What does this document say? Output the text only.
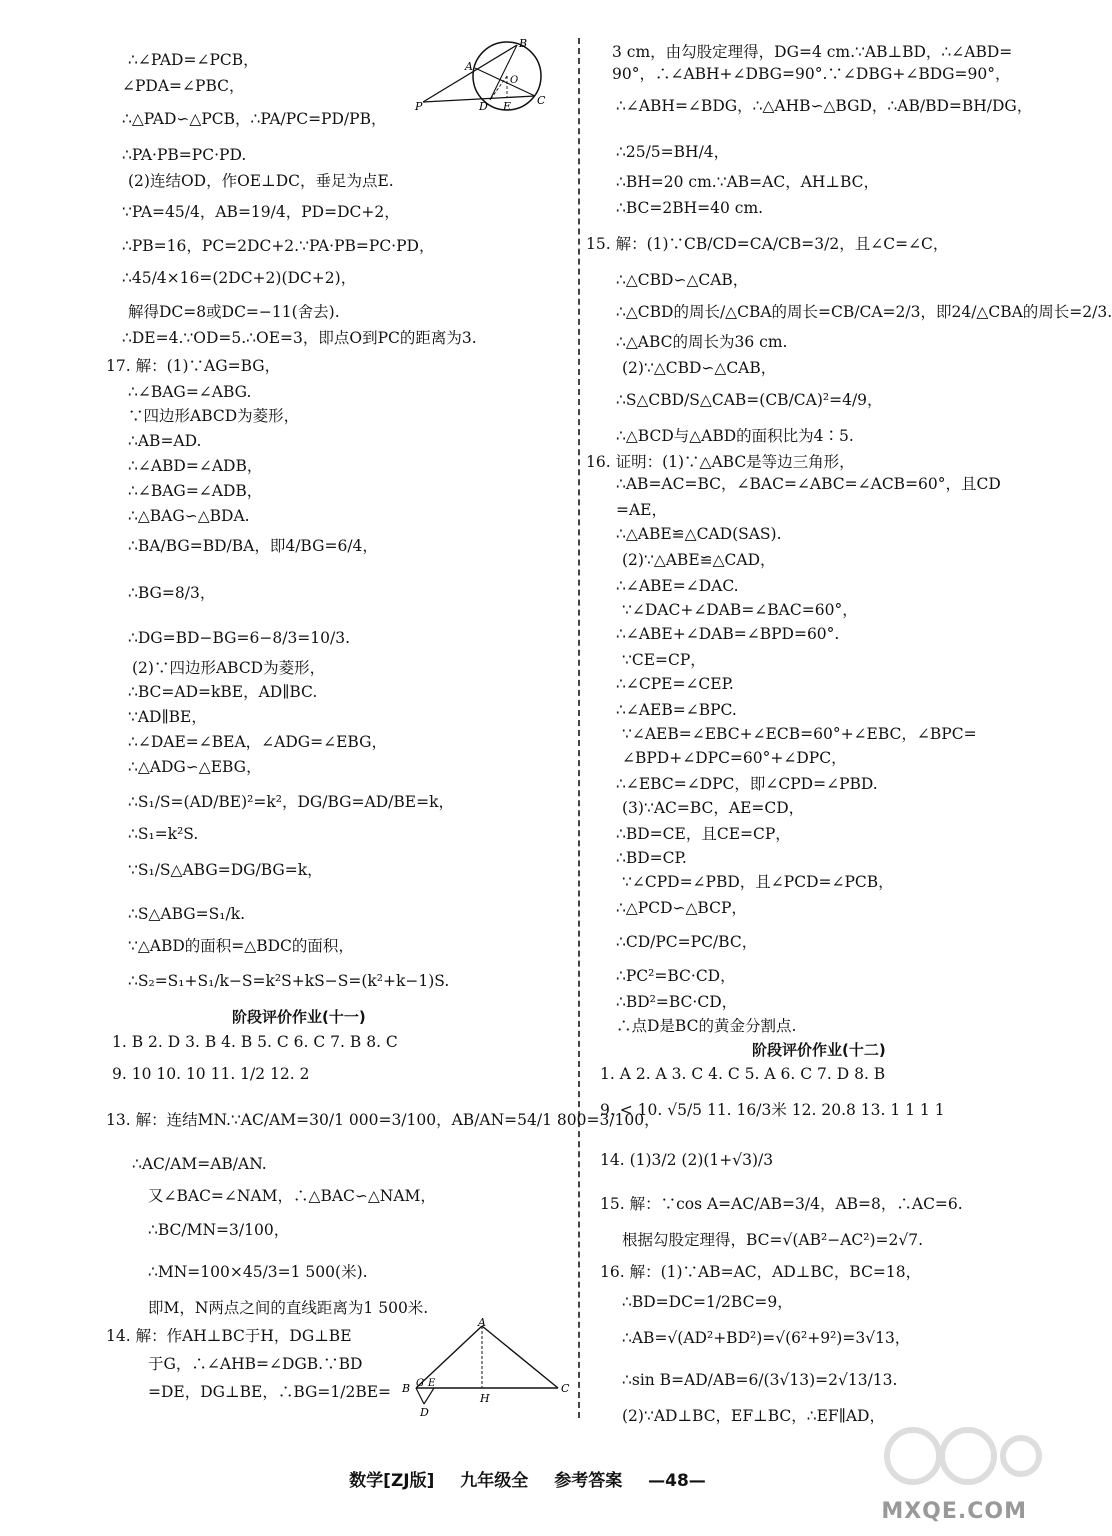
∴∠PAD=∠PCB，
∠PDA=∠PBC，
∴△PAD∽△PCB，∴PA/PC=PD/PB，
∴PA·PB=PC·PD.
(2)连结OD，作OE⊥DC，垂足为点E.
∵PA=45/4，AB=19/4，PD=DC+2，
∴PB=16，PC=2DC+2.∵PA·PB=PC·PD，
∴45/4×16=(2DC+2)(DC+2)，
解得DC=8或DC=−11(舍去).
∴DE=4.∵OD=5.∴OE=3，即点O到PC的距离为3.
17. 解：(1)∵AG=BG，
∴∠BAG=∠ABG.
∵四边形ABCD为菱形，
∴AB=AD.
∴∠ABD=∠ADB，
∴∠BAG=∠ADB，
∴△BAG∽△BDA.
∴BA/BG=BD/BA，即4/BG=6/4，
∴BG=8/3，
∴DG=BD−BG=6−8/3=10/3.
(2)∵四边形ABCD为菱形，
∴BC=AD=kBE，AD∥BC.
∵AD∥BE，
∴∠DAE=∠BEA，∠ADG=∠EBG，
∴△ADG∽△EBG，
∴S₁/S=(AD/BE)²=k²，DG/BG=AD/BE=k，
∴S₁=k²S.
∵S₁/S△ABG=DG/BG=k，
∴S△ABG=S₁/k.
∵△ABD的面积=△BDC的面积，
∴S₂=S₁+S₁/k−S=k²S+kS−S=(k²+k−1)S.
阶段评价作业(十一)
1. B 2. D 3. B 4. B 5. C 6. C 7. B 8. C
9. 10 10. 10 11. 1/2 12. 2
13. 解：连结MN.∵AC/AM=30/1 000=3/100，AB/AN=54/1 800=3/100，
∴AC/AM=AB/AN.
又∠BAC=∠NAM，∴△BAC∽△NAM，
∴BC/MN=3/100，
∴MN=100×45/3=1 500(米).
即M，N两点之间的直线距离为1 500米.
14. 解：作AH⊥BC于H，DG⊥BE
于G，∴∠AHB=∠DGB.∵BD
=DE，DG⊥BE，∴BG=1/2BE=
B
A
O
P	D E C
A
B G E
H
C
D
3 cm，由勾股定理得，DG=4 cm.∵AB⊥BD，∴∠ABD=
90°，∴∠ABH+∠DBG=90°.∵∠DBG+∠BDG=90°，
∴∠ABH=∠BDG，∴△AHB∽△BGD，∴AB/BD=BH/DG，
∴25/5=BH/4，
∴BH=20 cm.∵AB=AC，AH⊥BC，
∴BC=2BH=40 cm.
15. 解：(1)∵CB/CD=CA/CB=3/2，且∠C=∠C，
∴△CBD∽△CAB，
∴△CBD的周长/△CBA的周长=CB/CA=2/3，即24/△CBA的周长=2/3.
∴△ABC的周长为36 cm.
(2)∵△CBD∽△CAB，
∴S△CBD/S△CAB=(CB/CA)²=4/9，
∴△BCD与△ABD的面积比为4∶5.
16. 证明：(1)∵△ABC是等边三角形，
∴AB=AC=BC，∠BAC=∠ABC=∠ACB=60°，且CD
=AE，
∴△ABE≌△CAD(SAS).
(2)∵△ABE≌△CAD，
∴∠ABE=∠DAC.
∵∠DAC+∠DAB=∠BAC=60°，
∴∠ABE+∠DAB=∠BPD=60°.
∵CE=CP，
∴∠CPE=∠CEP.
∴∠AEB=∠BPC.
∵∠AEB=∠EBC+∠ECB=60°+∠EBC，∠BPC=
∠BPD+∠DPC=60°+∠DPC，
∴∠EBC=∠DPC，即∠CPD=∠PBD.
(3)∵AC=BC，AE=CD，
∴BD=CE，且CE=CP，
∴BD=CP.
∵∠CPD=∠PBD，且∠PCD=∠PCB，
∴△PCD∽△BCP，
∴CD/PC=PC/BC，
∴PC²=BC·CD，
∴BD²=BC·CD，
∴点D是BC的黄金分割点.
阶段评价作业(十二)
1. A 2. A 3. C 4. C 5. A 6. C 7. D 8. B
9. < 10. √5/5 11. 16/3米 12. 20.8 13. 1 1 1 1
14. (1)3/2 (2)(1+√3)/3
15. 解：∵cos A=AC/AB=3/4，AB=8，∴AC=6.
根据勾股定理得，BC=√(AB²−AC²)=2√7.
16. 解：(1)∵AB=AC，AD⊥BC，BC=18，
∴BD=DC=1/2BC=9，
∴AB=√(AD²+BD²)=√(6²+9²)=3√13，
∴sin B=AD/AB=6/(3√13)=2√13/13.
(2)∵AD⊥BC，EF⊥BC，∴EF∥AD，
数学[ZJ版] 九年级全 参考答案 —48—
MXQE.COM
